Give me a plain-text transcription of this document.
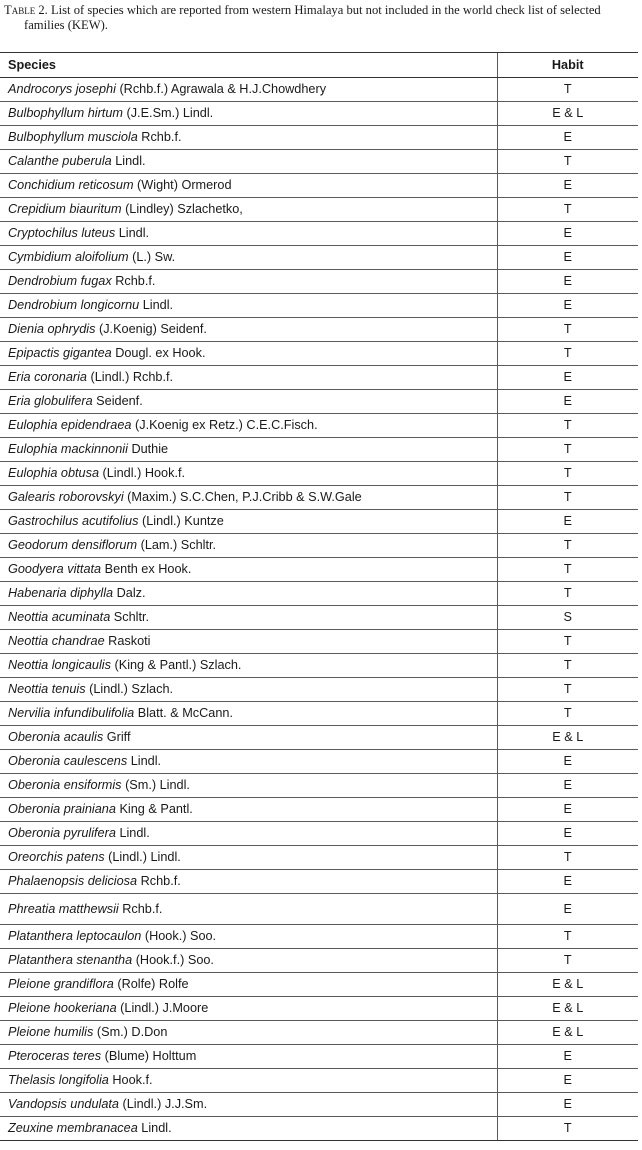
Table 2. List of species which are reported from western Himalaya but not included in the world check list of selected
families (KEW).
Species	Habit
Androcorys josephi (Rchb.f.) Agrawala & H.J.Chowdhery	T
Bulbophyllum hirtum (J.E.Sm.) Lindl.	E & L
Bulbophyllum musciola Rchb.f.	E
Calanthe puberula Lindl.	T
Conchidium reticosum (Wight) Ormerod	E
Crepidium biauritum (Lindley) Szlachetko,	T
Cryptochilus luteus Lindl.	E
Cymbidium aloifolium (L.) Sw.	E
Dendrobium fugax Rchb.f.	E
Dendrobium longicornu Lindl.	E
Dienia ophrydis (J.Koenig) Seidenf.	T
Epipactis gigantea Dougl. ex Hook.	T
Eria coronaria (Lindl.) Rchb.f.	E
Eria globulifera Seidenf.	E
Eulophia epidendraea (J.Koenig ex Retz.) C.E.C.Fisch.	T
Eulophia mackinnonii Duthie	T
Eulophia obtusa (Lindl.) Hook.f.	T
Galearis roborovskyi (Maxim.) S.C.Chen, P.J.Cribb & S.W.Gale	T
Gastrochilus acutifolius (Lindl.) Kuntze	E
Geodorum densiflorum (Lam.) Schltr.	T
Goodyera vittata Benth ex Hook.	T
Habenaria diphylla Dalz.	T
Neottia acuminata Schltr.	S
Neottia chandrae Raskoti	T
Neottia longicaulis (King & Pantl.) Szlach.	T
Neottia tenuis (Lindl.) Szlach.	T
Nervilia infundibulifolia Blatt. & McCann.	T
Oberonia acaulis Griff	E & L
Oberonia caulescens Lindl.	E
Oberonia ensiformis (Sm.) Lindl.	E
Oberonia prainiana King & Pantl.	E
Oberonia pyrulifera Lindl.	E
Oreorchis patens (Lindl.) Lindl.	T
Phalaenopsis deliciosa Rchb.f.	E
Phreatia matthewsii Rchb.f.	E
Platanthera leptocaulon (Hook.) Soo.	T
Platanthera stenantha (Hook.f.) Soo.	T
Pleione grandiflora (Rolfe) Rolfe	E & L
Pleione hookeriana (Lindl.) J.Moore	E & L
Pleione humilis (Sm.) D.Don	E & L
Pteroceras teres (Blume) Holttum	E
Thelasis longifolia Hook.f.	E
Vandopsis undulata (Lindl.) J.J.Sm.	E
Zeuxine membranacea Lindl.	T
